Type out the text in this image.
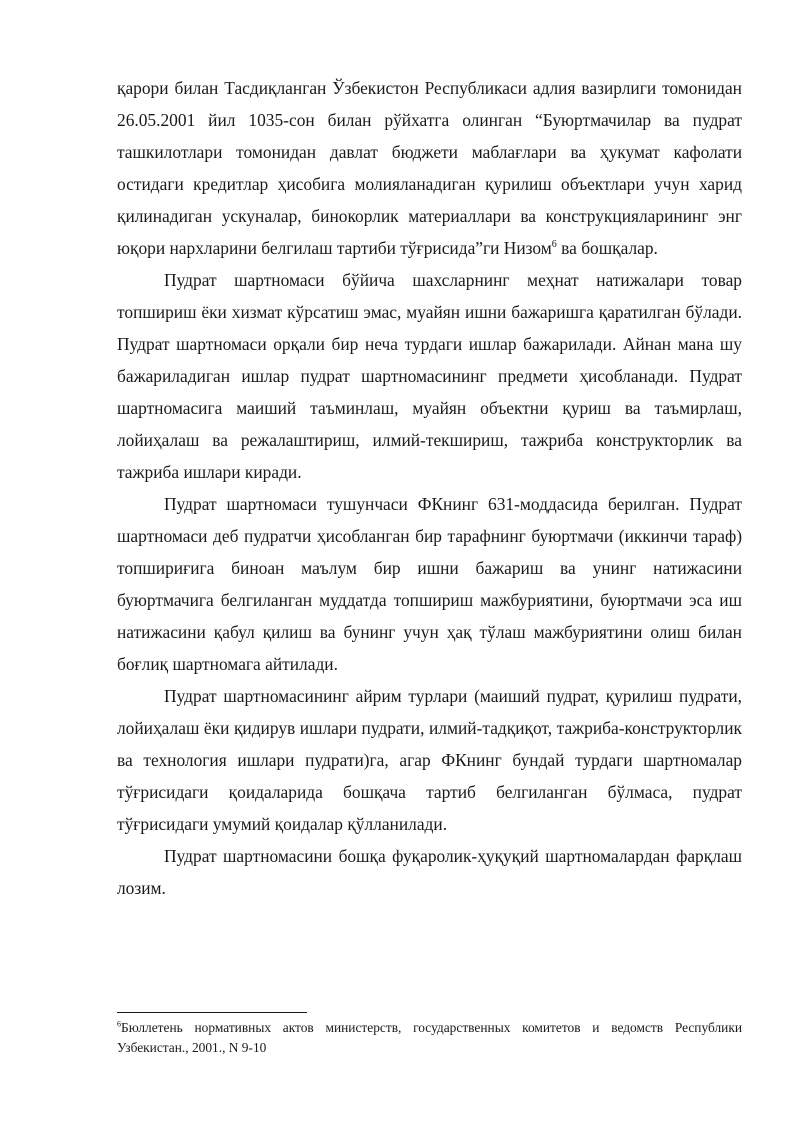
қарори билан Тасдиқланган Ўзбекистон Республикаси адлия вазирлиги томонидан 26.05.2001 йил 1035-сон билан рўйхатга олинган “Буюртмачилар ва пудрат ташкилотлари томонидан давлат бюджети маблағлари ва ҳукумат кафолати остидаги кредитлар ҳисобига молияланадиган қурилиш объектлари учун харид қилинадиган ускуналар, бинокорлик материаллари ва конструкцияларининг энг юқори нархларини белгилаш тартиби тўғрисида”ги Низом$^6$ ва бошқалар.

Пудрат шартномаси бўйича шахсларнинг меҳнат натижалари товар топшириш ёки хизмат кўрсатиш эмас, муайян ишни бажаришга қаратилган бўлади. Пудрат шартномаси орқали бир неча турдаги ишлар бажарилади. Айнан мана шу бажариладиган ишлар пудрат шартномасининг предмети ҳисобланади. Пудрат шартномасига маиший таъминлаш, муайян объектни қуриш ва таъмирлаш, лойиҳалаш ва режалаштириш, илмий-текшириш, тажриба конструкторлик ва тажриба ишлари киради.

Пудрат шартномаси тушунчаси ФКнинг 631-моддасида берилган. Пудрат шартномаси деб пудратчи ҳисобланган бир тарафнинг буюртмачи (иккинчи тараф) топшириғига биноан маълум бир ишни бажариш ва унинг натижасини буюртмачига белгиланган муддатда топшириш мажбуриятини, буюртмачи эса иш натижасини қабул қилиш ва бунинг учун ҳақ тўлаш мажбуриятини олиш билан боғлиқ шартномага айтилади.

Пудрат шартномасининг айрим турлари (маиший пудрат, қурилиш пудрати, лойиҳалаш ёки қидирув ишлари пудрати, илмий-тадқиқот, тажриба-конструкторлик ва технология ишлари пудрати)га, агар ФКнинг бундай турдаги шартномалар тўғрисидаги қоидаларида бошқача тартиб белгиланган бўлмаса, пудрат тўғрисидаги умумий қоидалар қўлланилади.

Пудрат шартномасини бошқа фуқаролик-ҳуқуқий шартномалардан фарқлаш лозим.

$^6$Бюллетень нормативных актов министерств, государственных комитетов и ведомств Республики Узбекистан., 2001., N 9-10
